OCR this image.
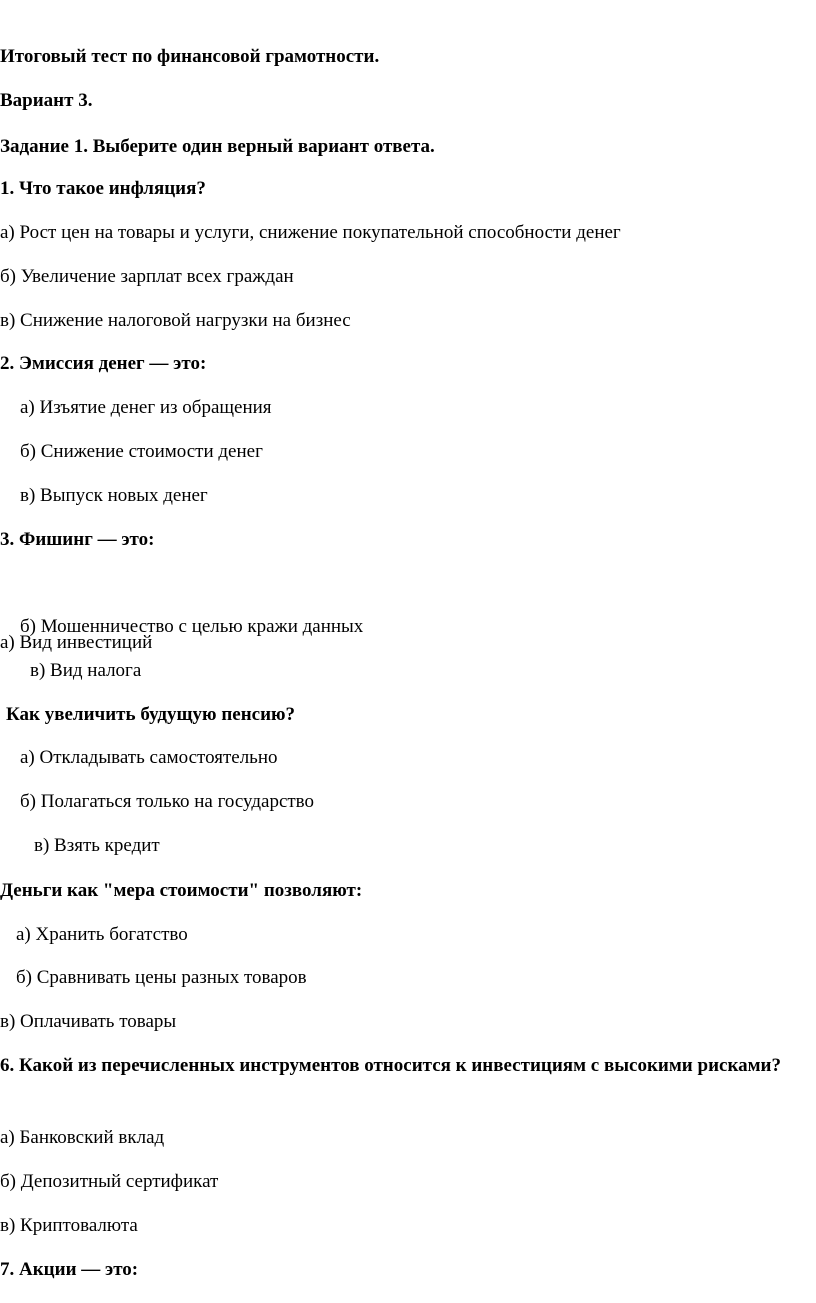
Итоговый тест по финансовой грамотности.
Вариант 3.
Задание 1. Выберите один верный вариант ответа.
1. Что такое инфляция?
а) Рост цен на товары и услуги, снижение покупательной способности денег
б) Увеличение зарплат всех граждан
в) Снижение налоговой нагрузки на бизнес
2. Эмиссия денег — это:
а) Изъятие денег из обращения
б) Снижение стоимости денег
в) Выпуск новых денег
3. Фишинг — это:
б) Мошенничество с целью кражи данных
а) Вид инвестиций
в) Вид налога
Как увеличить будущую пенсию?
а) Откладывать самостоятельно
б) Полагаться только на государство
в) Взять кредит
Деньги как "мера стоимости" позволяют:
а) Хранить богатство
б) Сравнивать цены разных товаров
в) Оплачивать товары
6. Какой из перечисленных инструментов относится к инвестициям с высокими рисками?
а) Банковский вклад
б) Депозитный сертификат
в) Криптовалюта
7. Акции — это:
